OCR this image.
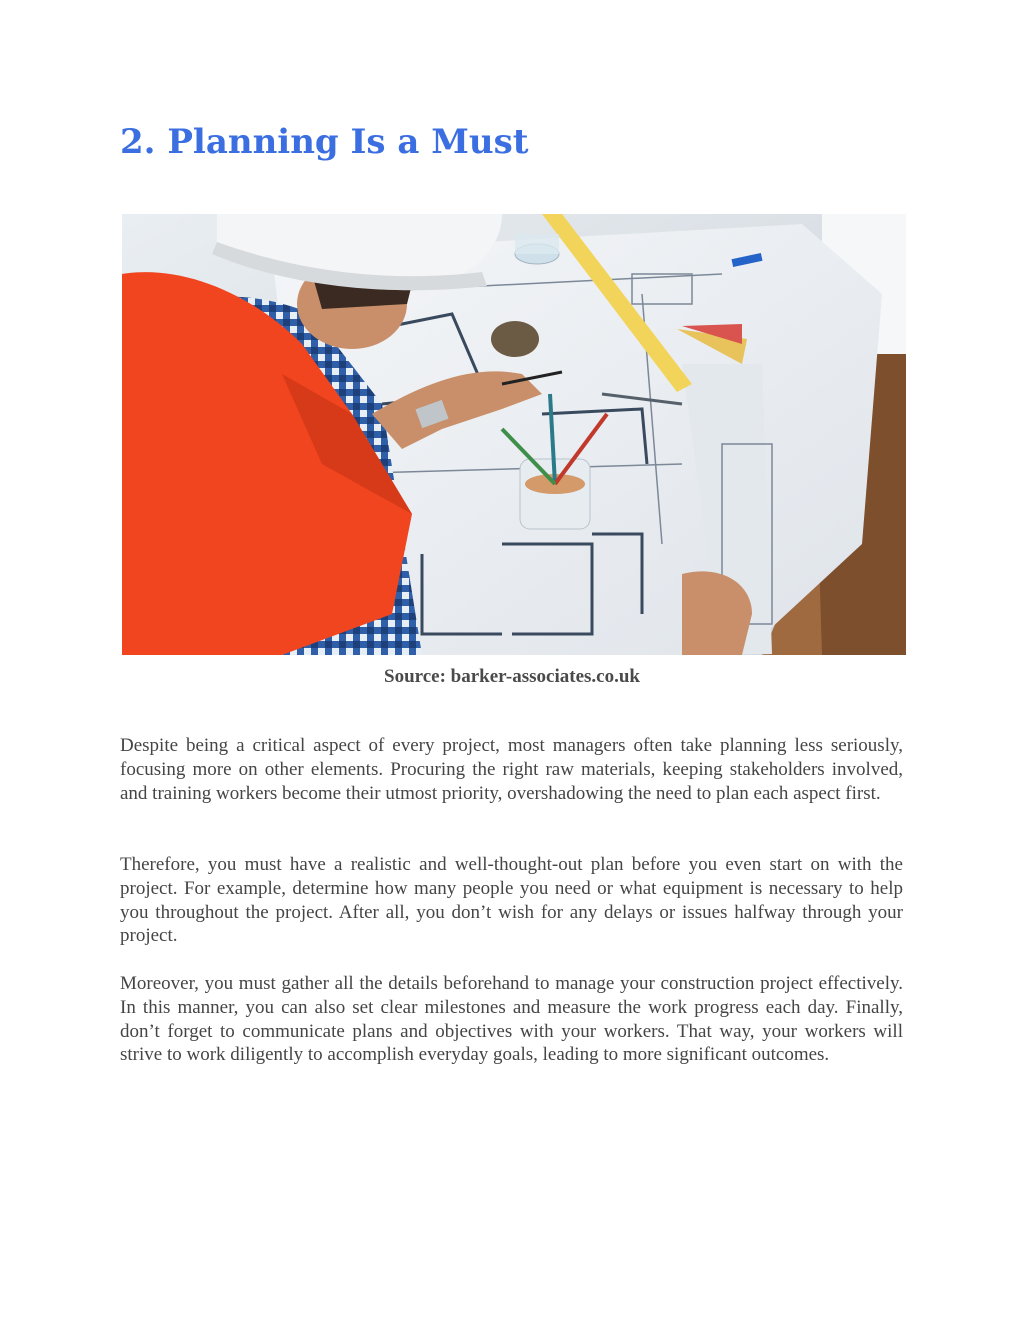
2. Planning Is a Must
Source: barker-associates.co.uk

Despite being a critical aspect of every project, most managers often take planning less seriously, focusing more on other elements. Procuring the right raw materials, keeping stakeholders involved, and training workers become their utmost priority, overshadowing the need to plan each aspect first.

Therefore, you must have a realistic and well-thought-out plan before you even start on with the project. For example, determine how many people you need or what equipment is necessary to help you throughout the project. After all, you don’t wish for any delays or issues halfway through your project.

Moreover, you must gather all the details beforehand to manage your construction project effectively. In this manner, you can also set clear milestones and measure the work progress each day. Finally, don’t forget to communicate plans and objectives with your workers. That way, your workers will strive to work diligently to accomplish everyday goals, leading to more significant outcomes.
